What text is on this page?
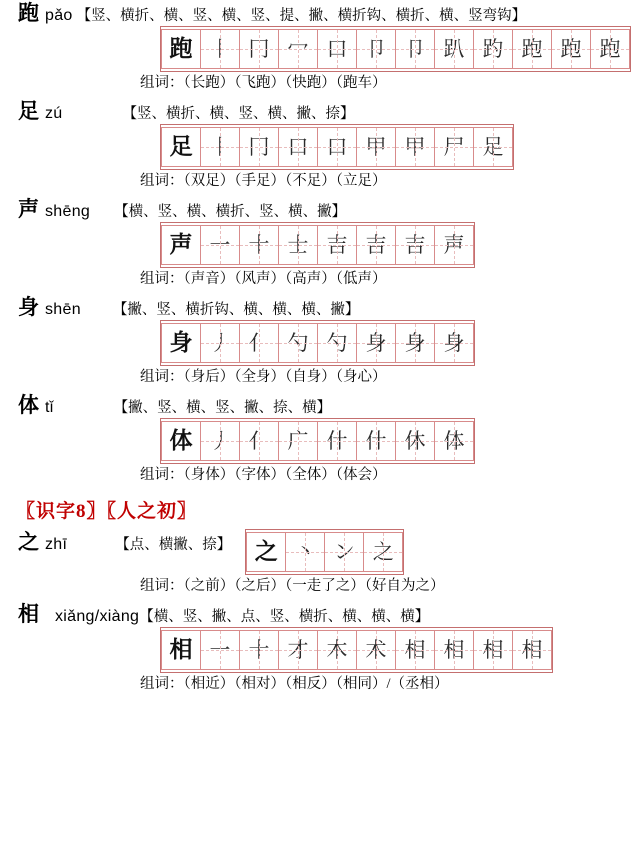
跑 pǎo 【竖、横折、横、竖、横、竖、提、撇、横折钩、横折、横、竖弯钩】
跑	丨	冂	冖	口	卩	卩	趴	趵	跑	跑	跑
组词：（长跑）（飞跑）（快跑）（跑车）
足 zú	【竖、横折、横、竖、横、撇、捺】
足	丨	冂	口	口	甲	甲	尸	足
组词：（双足）（手足）（不足）（立足）
声 shēng 【横、竖、横、横折、竖、横、撇】
声	一	十	士	吉	吉	吉	声
组词：（声音）（风声）（高声）（低声）
身 shēn 【撇、竖、横折钩、横、横、横、撇】
身	丿	亻	勺	勺	身	身	身
组词：（身后）（全身）（自身）（身心）
体 tǐ	【撇、竖、横、竖、撇、捺、横】
体	丿	亻	广	什	什	休	体
组词：（身体）（字体）（全体）（体会）
〖识字8〗〖人之初〗
之 zhī	【点、横撇、捺】 之	丶	ン	之
组词：（之前）（之后）（一走了之）（好自为之）
相 xiǎng/xiàng 【横、竖、撇、点、竖、横折、横、横、横】
相	一	十	才	木	术	相	相	相	相
组词：（相近）（相对）（相反）（相同）/（丞相）
